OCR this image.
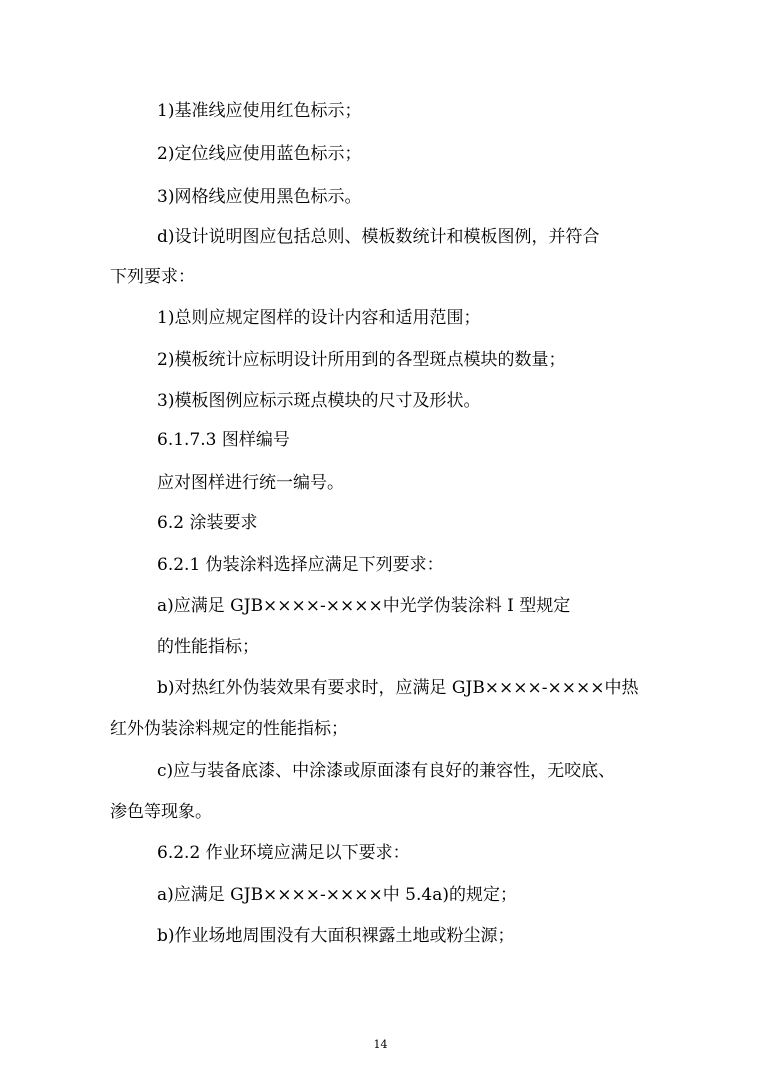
1)基准线应使用红色标示；
2)定位线应使用蓝色标示；
3)网格线应使用黑色标示。
d)设计说明图应包括总则、模板数统计和模板图例，并符合
下列要求：
1)总则应规定图样的设计内容和适用范围；
2)模板统计应标明设计所用到的各型斑点模块的数量；
3)模板图例应标示斑点模块的尺寸及形状。
6.1.7.3 图样编号
应对图样进行统一编号。
6.2 涂装要求
6.2.1 伪装涂料选择应满足下列要求：
a)应满足 GJB××××-××××中光学伪装涂料 I 型规定
的性能指标；
b)对热红外伪装效果有要求时，应满足 GJB××××-××××中热
红外伪装涂料规定的性能指标；
c)应与装备底漆、中涂漆或原面漆有良好的兼容性，无咬底、
渗色等现象。
6.2.2 作业环境应满足以下要求：
a)应满足 GJB××××-××××中 5.4a)的规定；
b)作业场地周围没有大面积裸露土地或粉尘源；
14
